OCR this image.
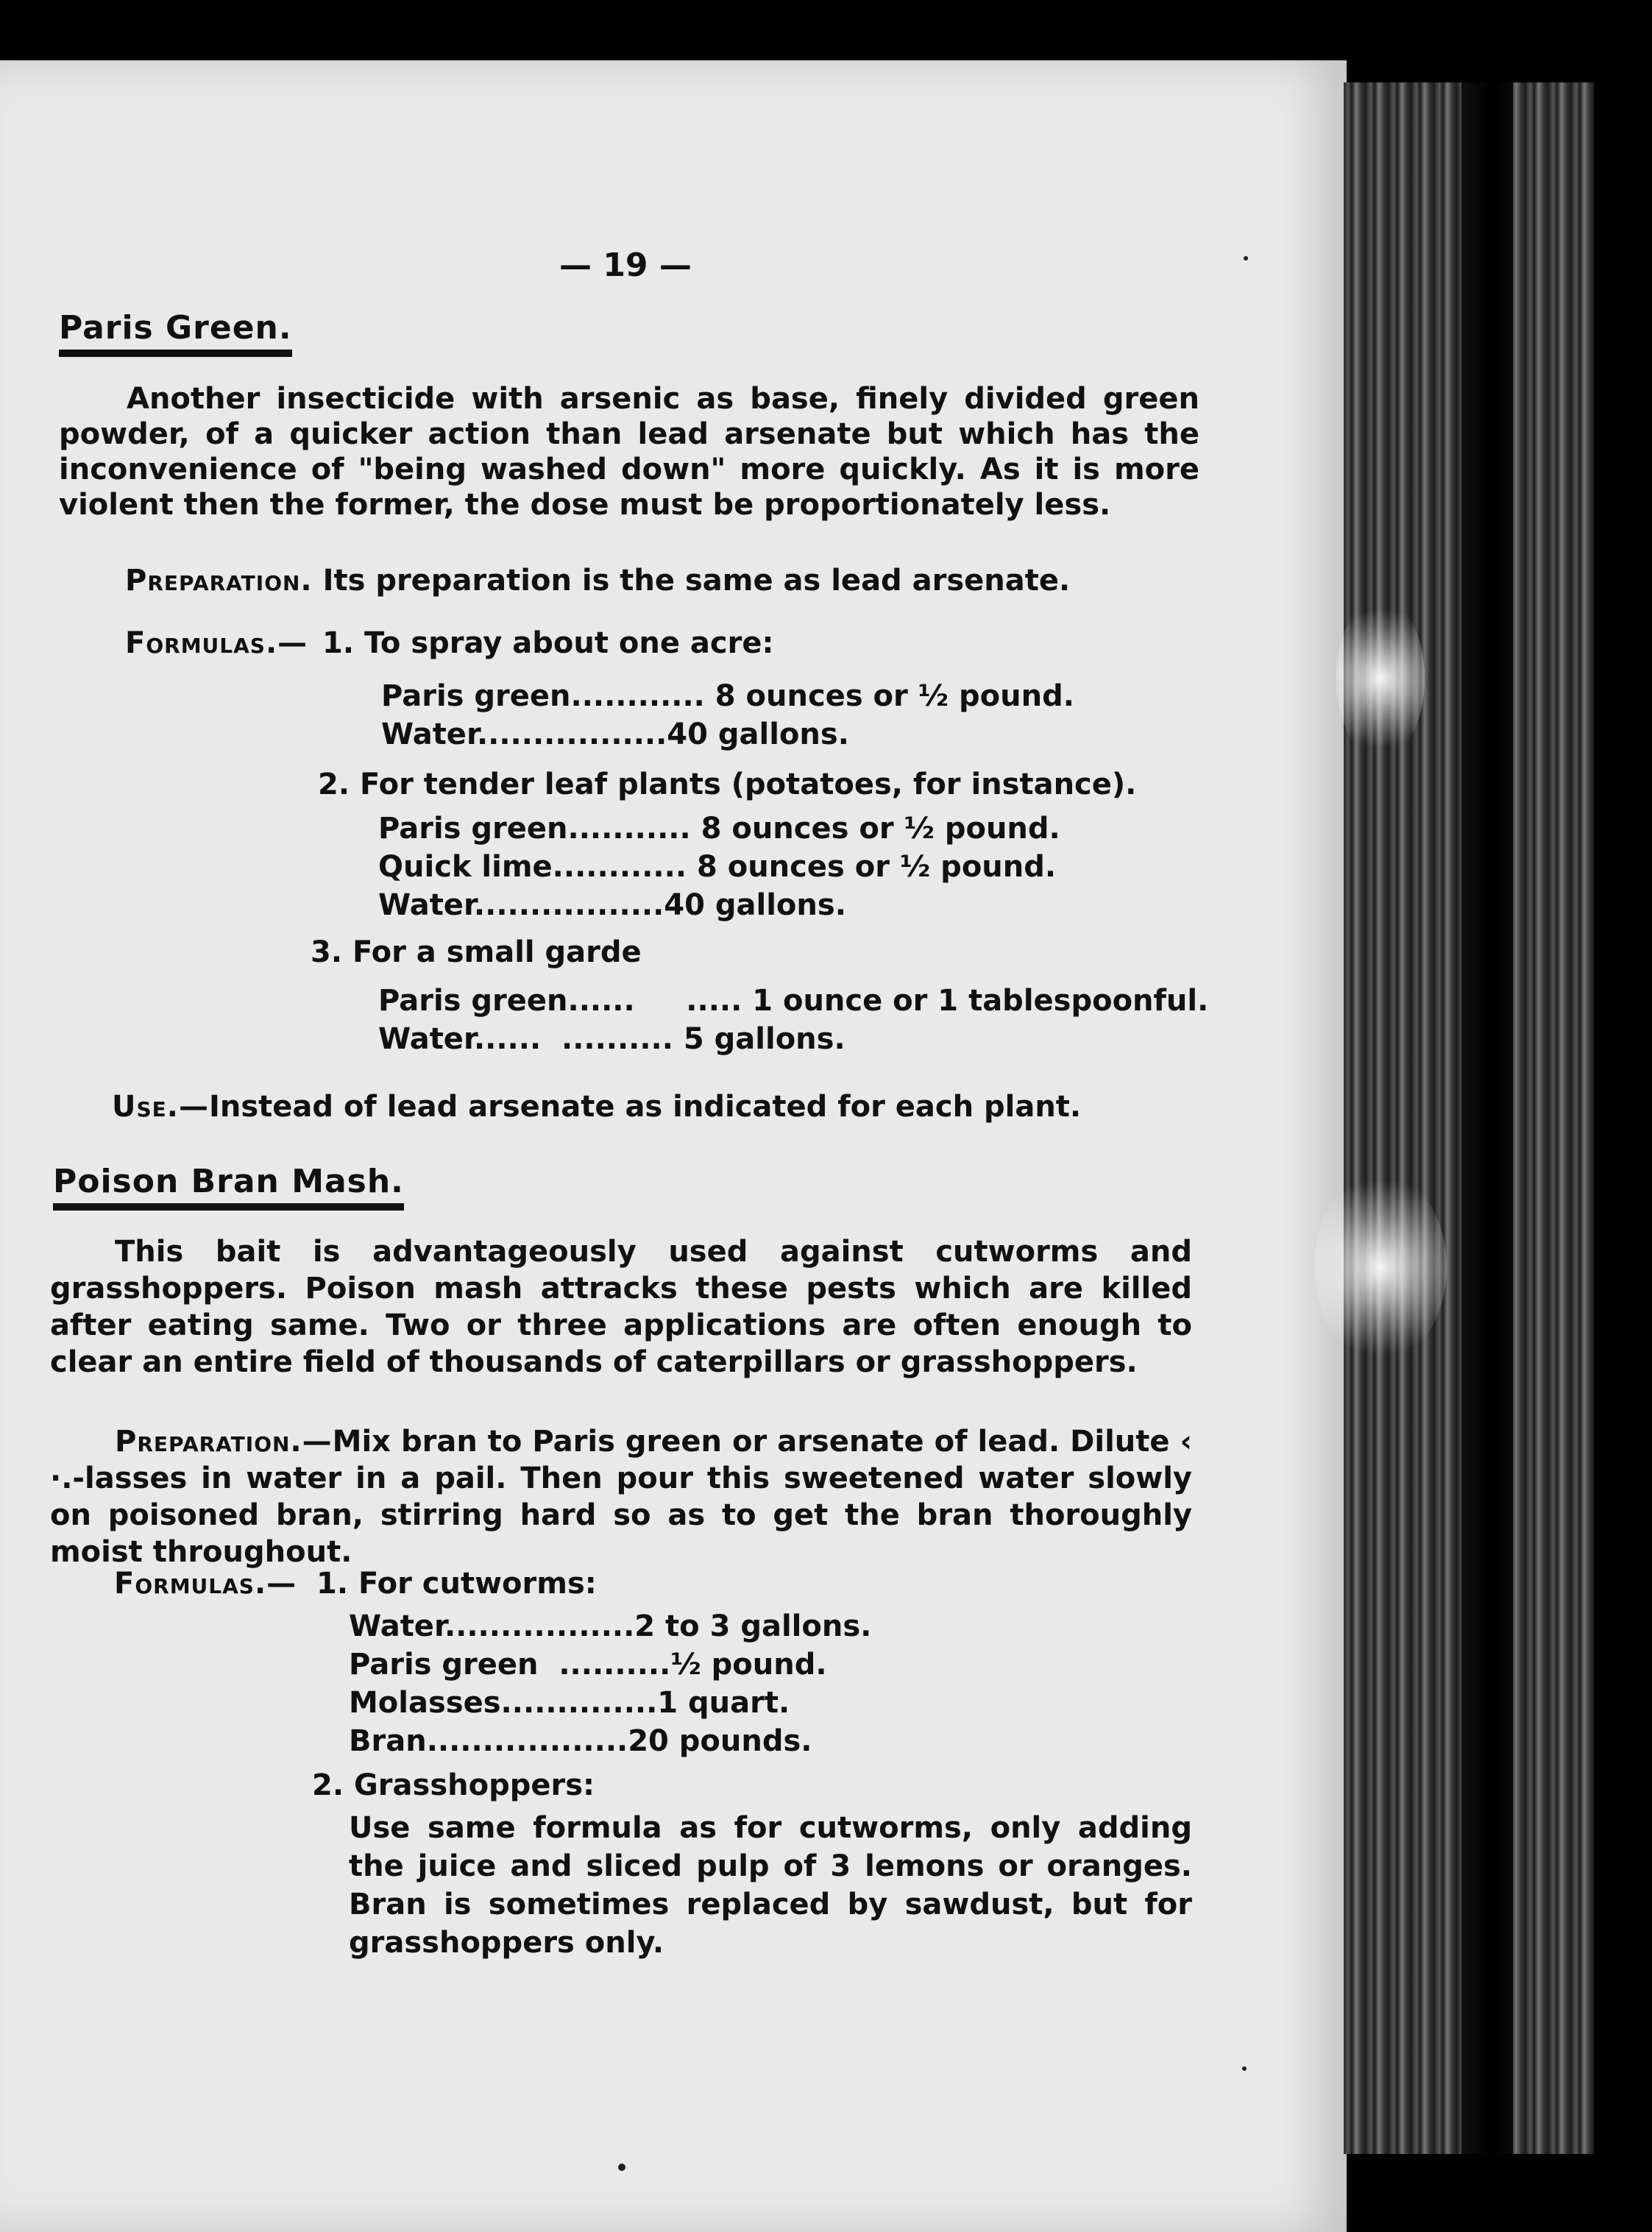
— 19 —
Paris Green.
Another insecticide with arsenic as base, finely divided green powder, of a quicker action than lead arsenate but which has the inconvenience of "being washed down" more quickly. As it is more violent then the former, the dose must be proportionately less.
Preparation. Its preparation is the same as lead arsenate.
Formulas.— 1. To spray about one acre:
Paris green............ 8 ounces or ½ pound.
Water.................40 gallons.
2. For tender leaf plants (potatoes, for instance).
Paris green........... 8 ounces or ½ pound.
Quick lime............ 8 ounces or ½ pound.
Water.................40 gallons.
3. For a small garde
Paris green......     ..... 1 ounce or 1 tablespoonful.
Water......  .......... 5 gallons.
Use.—Instead of lead arsenate as indicated for each plant.
Poison Bran Mash.
This bait is advantageously used against cutworms and grasshoppers. Poison mash attracks these pests which are killed after eating same. Two or three applications are often enough to clear an entire field of thousands of caterpillars or grasshoppers.
Preparation.—Mix bran to Paris green or arsenate of lead. Dilute ‹ ·.-lasses in water in a pail. Then pour this sweetened water slowly on poisoned bran, stirring hard so as to get the bran thoroughly moist throughout.
Formulas.— 1. For cutworms:
Water.................2 to 3 gallons.
Paris green  ..........½ pound.
Molasses..............1 quart.
Bran..................20 pounds.
2. Grasshoppers:
Use same formula as for cutworms, only adding the juice and sliced pulp of 3 lemons or oranges. Bran is sometimes replaced by sawdust, but for grasshoppers only.
